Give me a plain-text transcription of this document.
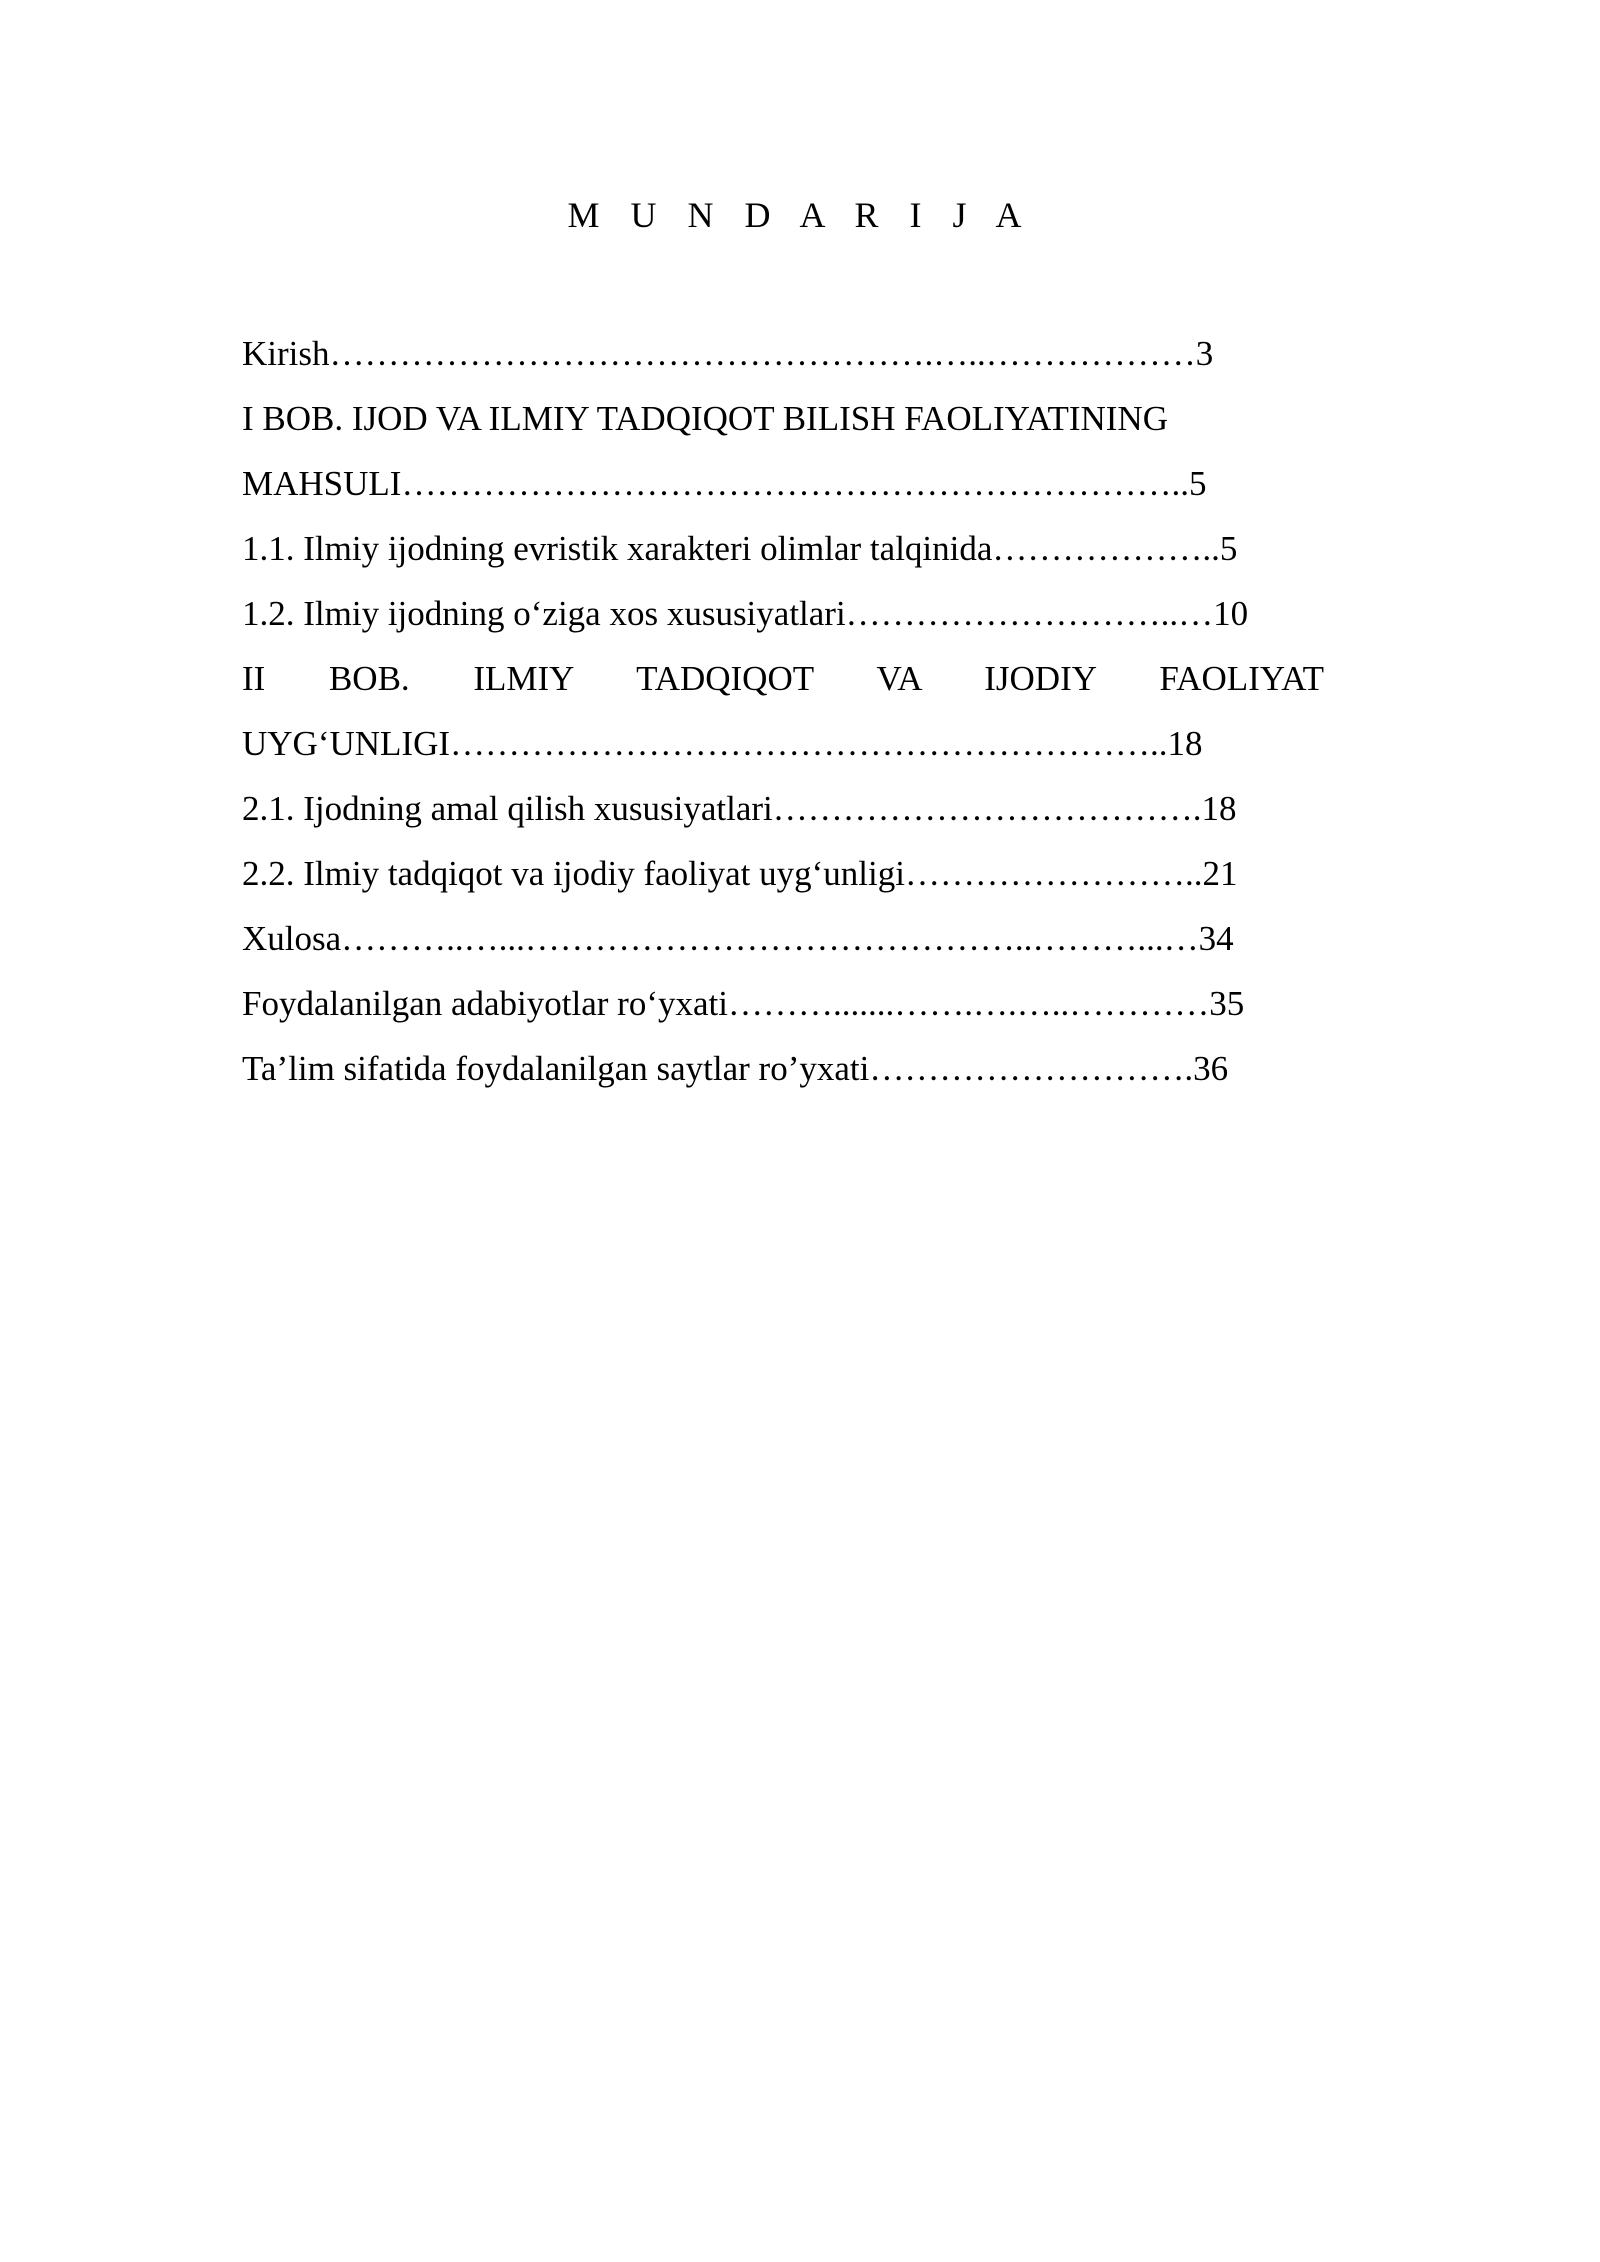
M U N D A R I J A
Kirish…………………………………………….…..………………3
I BOB. IJOD VA ILMIY TADQIQOT BILISH FAOLIYATINING
MAHSULI…………………………………………………………..5
1.1. Ilmiy ijodning evristik xarakteri olimlar talqinida………………..5
1.2. Ilmiy ijodning o‘ziga xos xususiyatlari………………………..…10
II BOB. ILMIY TADQIQOT VA IJODIY FAOLIYAT
UYG‘UNLIGI……………………………………………………..18
2.1. Ijodning amal qilish xususiyatlari……………………………….18
2.2. Ilmiy tadqiqot va ijodiy faoliyat uyg‘unligi……………………..21
Xulosa………..…...……………………………………..………...…34
Foydalanilgan adabiyotlar ro‘yxati……….......…….….…..…………35
Ta’lim sifatida foydalanilgan saytlar ro’yxati……………………….36
